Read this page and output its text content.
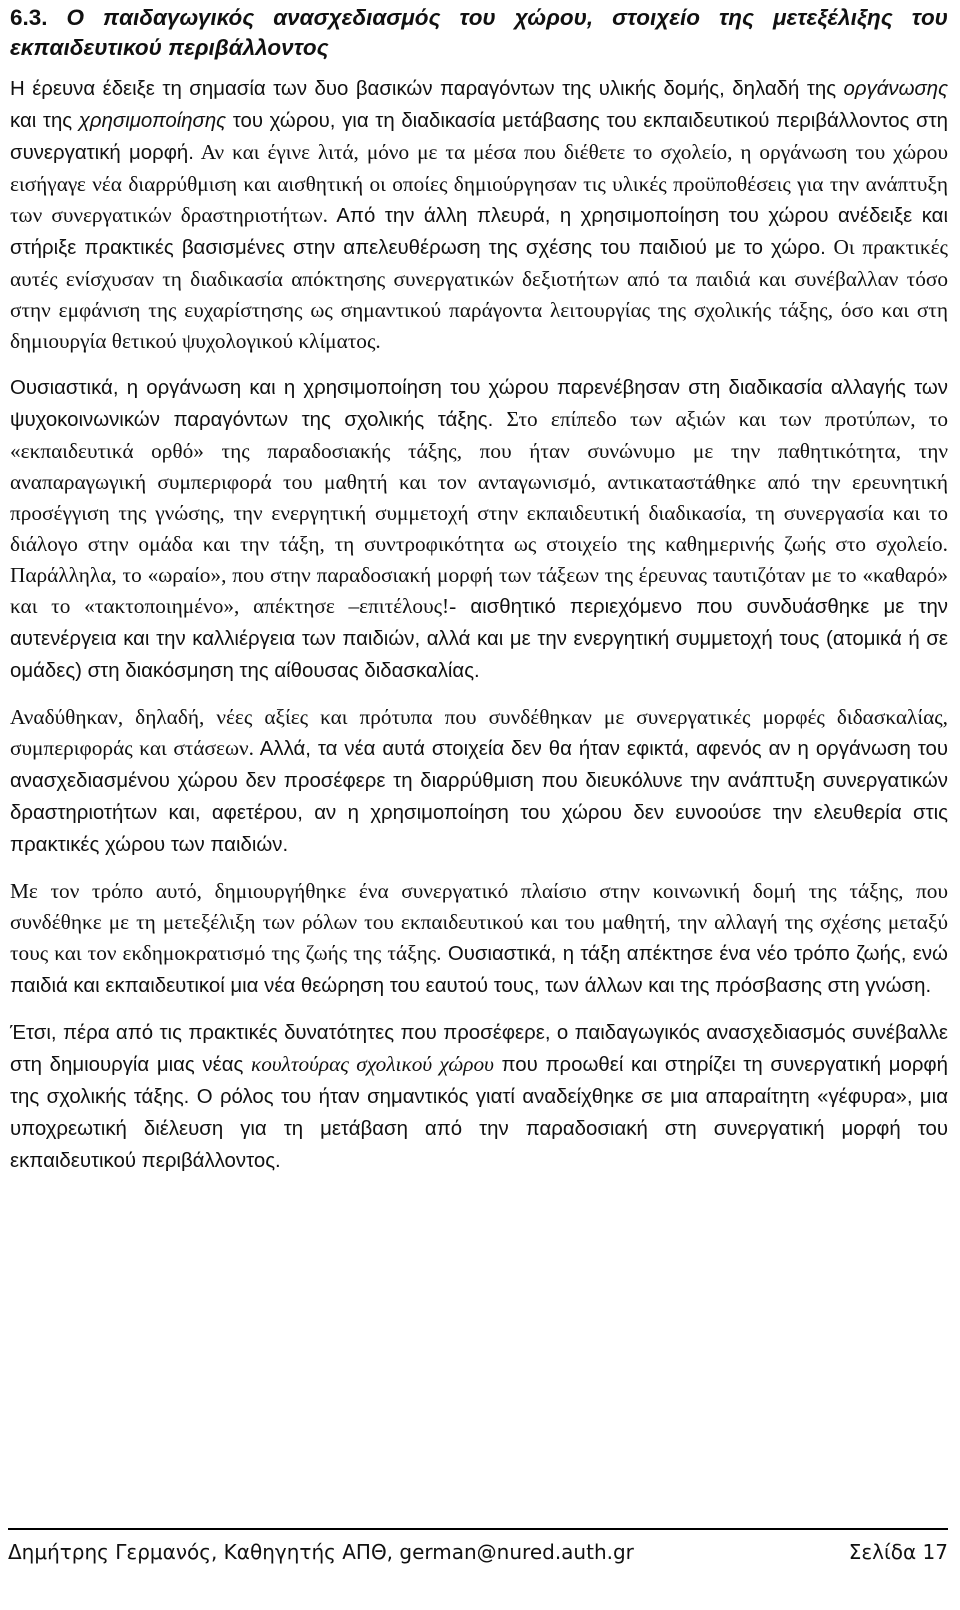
6.3. Ο παιδαγωγικός ανασχεδιασμός του χώρου, στοιχείο της μετεξέλιξης του εκπαιδευτικού περιβάλλοντος

Η έρευνα έδειξε τη σημασία των δυο βασικών παραγόντων της υλικής δομής, δηλαδή της οργάνωσης και της χρησιμοποίησης του χώρου, για τη διαδικασία μετάβασης του εκπαιδευτικού περιβάλλοντος στη συνεργατική μορφή. Αν και έγινε λιτά, μόνο με τα μέσα που διέθετε το σχολείο, η οργάνωση του χώρου εισήγαγε νέα διαρρύθμιση και αισθητική οι οποίες δημιούργησαν τις υλικές προϋποθέσεις για την ανάπτυξη των συνεργατικών δραστηριοτήτων. Από την άλλη πλευρά, η χρησιμοποίηση του χώρου ανέδειξε και στήριξε πρακτικές βασισμένες στην απελευθέρωση της σχέσης του παιδιού με το χώρο. Οι πρακτικές αυτές ενίσχυσαν τη διαδικασία απόκτησης συνεργατικών δεξιοτήτων από τα παιδιά και συνέβαλλαν τόσο στην εμφάνιση της ευχαρίστησης ως σημαντικού παράγοντα λειτουργίας της σχολικής τάξης, όσο και στη δημιουργία θετικού ψυχολογικού κλίματος.

Ουσιαστικά, η οργάνωση και η χρησιμοποίηση του χώρου παρενέβησαν στη διαδικασία αλλαγής των ψυχοκοινωνικών παραγόντων της σχολικής τάξης. Στο επίπεδο των αξιών και των προτύπων, το «εκπαιδευτικά ορθό» της παραδοσιακής τάξης, που ήταν συνώνυμο με την παθητικότητα, την αναπαραγωγική συμπεριφορά του μαθητή και τον ανταγωνισμό, αντικαταστάθηκε από την ερευνητική προσέγγιση της γνώσης, την ενεργητική συμμετοχή στην εκπαιδευτική διαδικασία, τη συνεργασία και το διάλογο στην ομάδα και την τάξη, τη συντροφικότητα ως στοιχείο της καθημερινής ζωής στο σχολείο. Παράλληλα, το «ωραίο», που στην παραδοσιακή μορφή των τάξεων της έρευνας ταυτιζόταν με το «καθαρό» και το «τακτοποιημένο», απέκτησε –επιτέλους!- αισθητικό περιεχόμενο που συνδυάσθηκε με την αυτενέργεια και την καλλιέργεια των παιδιών, αλλά και με την ενεργητική συμμετοχή τους (ατομικά ή σε ομάδες) στη διακόσμηση της αίθουσας διδασκαλίας.

Αναδύθηκαν, δηλαδή, νέες αξίες και πρότυπα που συνδέθηκαν με συνεργατικές μορφές διδασκαλίας, συμπεριφοράς και στάσεων. Αλλά, τα νέα αυτά στοιχεία δεν θα ήταν εφικτά, αφενός αν η οργάνωση του ανασχεδιασμένου χώρου δεν προσέφερε τη διαρρύθμιση που διευκόλυνε την ανάπτυξη συνεργατικών δραστηριοτήτων και, αφετέρου, αν η χρησιμοποίηση του χώρου δεν ευνοούσε την ελευθερία στις πρακτικές χώρου των παιδιών.

Με τον τρόπο αυτό, δημιουργήθηκε ένα συνεργατικό πλαίσιο στην κοινωνική δομή της τάξης, που συνδέθηκε με τη μετεξέλιξη των ρόλων του εκπαιδευτικού και του μαθητή, την αλλαγή της σχέσης μεταξύ τους και τον εκδημοκρατισμό της ζωής της τάξης. Ουσιαστικά, η τάξη απέκτησε ένα νέο τρόπο ζωής, ενώ παιδιά και εκπαιδευτικοί μια νέα θεώρηση του εαυτού τους, των άλλων και της πρόσβασης στη γνώση.

Έτσι, πέρα από τις πρακτικές δυνατότητες που προσέφερε, ο παιδαγωγικός ανασχεδιασμός συνέβαλλε στη δημιουργία μιας νέας κουλτούρας σχολικού χώρου που προωθεί και στηρίζει τη συνεργατική μορφή της σχολικής τάξης. Ο ρόλος του ήταν σημαντικός γιατί αναδείχθηκε σε μια απαραίτητη «γέφυρα», μια υποχρεωτική διέλευση για τη μετάβαση από την παραδοσιακή στη συνεργατική μορφή του εκπαιδευτικού περιβάλλοντος.

Δημήτρης Γερμανός, Καθηγητής ΑΠΘ, german@nured.auth.gr	Σελίδα 17
